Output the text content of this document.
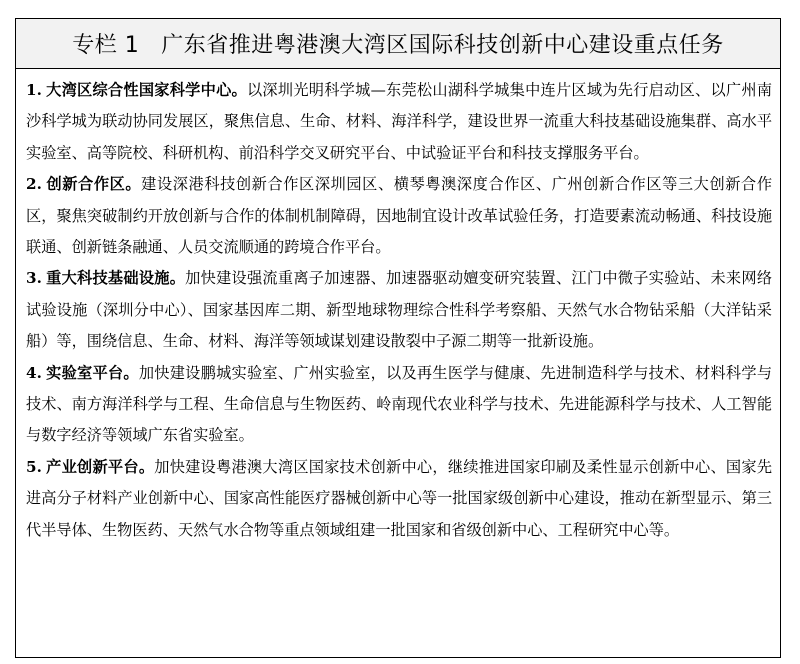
专栏 1 广东省推进粤港澳大湾区国际科技创新中心建设重点任务

1. 大湾区综合性国家科学中心。以深圳光明科学城—东莞松山湖科学城集中连片区域为先行启动区、以广州南沙科学城为联动协同发展区，聚焦信息、生命、材料、海洋科学，建设世界一流重大科技基础设施集群、高水平实验室、高等院校、科研机构、前沿科学交叉研究平台、中试验证平台和科技支撑服务平台。

2. 创新合作区。建设深港科技创新合作区深圳园区、横琴粤澳深度合作区、广州创新合作区等三大创新合作区，聚焦突破制约开放创新与合作的体制机制障碍，因地制宜设计改革试验任务，打造要素流动畅通、科技设施联通、创新链条融通、人员交流顺通的跨境合作平台。

3. 重大科技基础设施。加快建设强流重离子加速器、加速器驱动嬗变研究装置、江门中微子实验站、未来网络试验设施（深圳分中心）、国家基因库二期、新型地球物理综合性科学考察船、天然气水合物钻采船（大洋钻采船）等，围绕信息、生命、材料、海洋等领域谋划建设散裂中子源二期等一批新设施。

4. 实验室平台。加快建设鹏城实验室、广州实验室，以及再生医学与健康、先进制造科学与技术、材料科学与技术、南方海洋科学与工程、生命信息与生物医药、岭南现代农业科学与技术、先进能源科学与技术、人工智能与数字经济等领域广东省实验室。

5. 产业创新平台。加快建设粤港澳大湾区国家技术创新中心，继续推进国家印刷及柔性显示创新中心、国家先进高分子材料产业创新中心、国家高性能医疗器械创新中心等一批国家级创新中心建设，推动在新型显示、第三代半导体、生物医药、天然气水合物等重点领域组建一批国家和省级创新中心、工程研究中心等。
